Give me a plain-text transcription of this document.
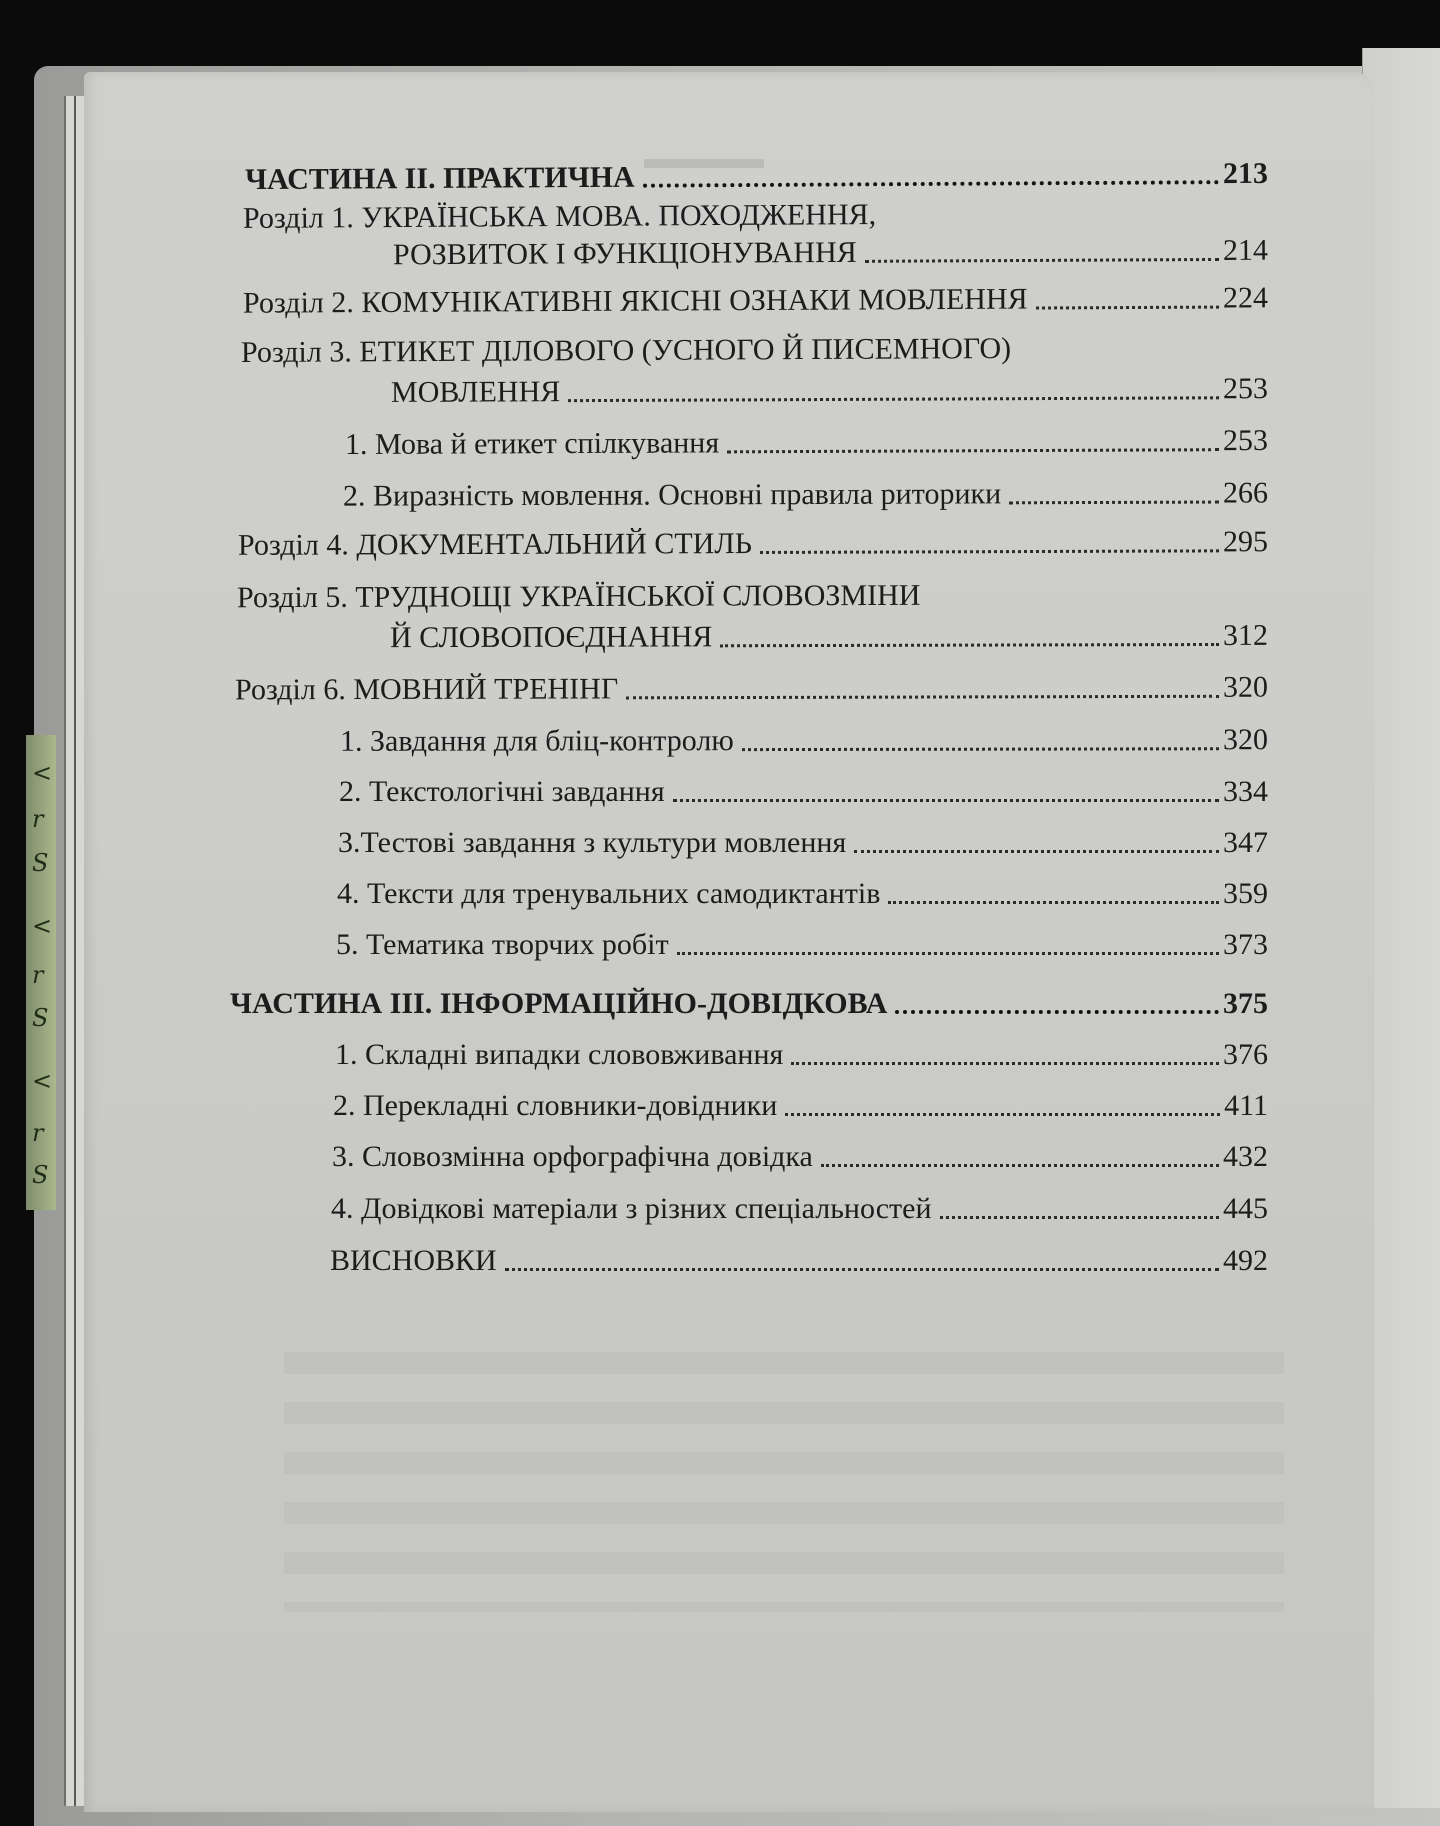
<
r
S
<
r
S
<
r
S
▬▬▬▬
ЧАСТИНА II. ПРАКТИЧНА	213
Розділ 1. УКРАЇНСЬКА МОВА. ПОХОДЖЕННЯ,
РОЗВИТОК І ФУНКЦІОНУВАННЯ	214
Розділ 2. КОМУНІКАТИВНІ ЯКІСНІ ОЗНАКИ МОВЛЕННЯ	224
Розділ 3. ЕТИКЕТ ДІЛОВОГО (УСНОГО Й ПИСЕМНОГО)
МОВЛЕННЯ	253
1. Мова й етикет спілкування	253
2. Виразність мовлення. Основні правила риторики	266
Розділ 4. ДОКУМЕНТАЛЬНИЙ СТИЛЬ	295
Розділ 5. ТРУДНОЩІ УКРАЇНСЬКОЇ СЛОВОЗМІНИ
Й СЛОВОПОЄДНАННЯ	312
Розділ 6. МОВНИЙ ТРЕНІНГ	320
1. Завдання для бліц-контролю	320
2. Текстологічні завдання	334
3.Тестові завдання з культури мовлення	347
4. Тексти для тренувальних самодиктантів	359
5. Тематика творчих робіт	373
ЧАСТИНА III. ІНФОРМАЦІЙНО-ДОВІДКОВА	375
1. Складні випадки слововживання	376
2. Перекладні словники-довідники	411
3. Словозмінна орфографічна довідка	432
4. Довідкові матеріали з різних спеціальностей	445
ВИСНОВКИ	492
